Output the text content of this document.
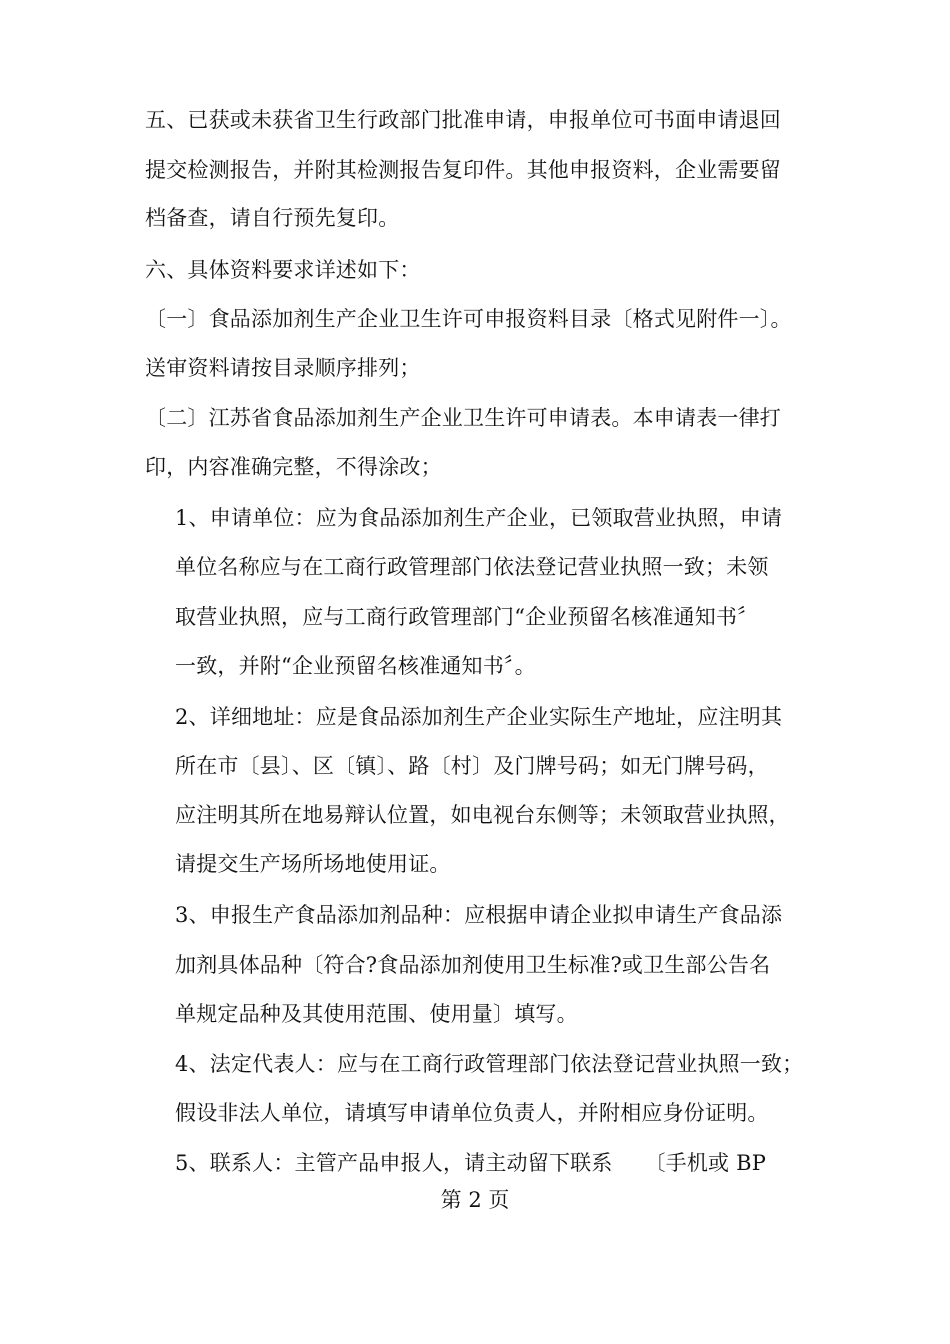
五、已获或未获省卫生行政部门批准申请，申报单位可书面申请退回
提交检测报告，并附其检测报告复印件。其他申报资料，企业需要留
档备查，请自行预先复印。
六、具体资料要求详述如下：
〔一〕食品添加剂生产企业卫生许可申报资料目录〔格式见附件一〕。
送审资料请按目录顺序排列；
〔二〕江苏省食品添加剂生产企业卫生许可申请表。本申请表一律打
印，内容准确完整，不得涂改；
1、申请单位：应为食品添加剂生产企业，已领取营业执照，申请
单位名称应与在工商行政管理部门依法登记营业执照一致；未领
取营业执照，应与工商行政管理部门“企业预留名核准通知书〞
一致，并附“企业预留名核准通知书〞。
2、详细地址：应是食品添加剂生产企业实际生产地址，应注明其
所在市〔县〕、区〔镇〕、路〔村〕及门牌号码；如无门牌号码，
应注明其所在地易辩认位置，如电视台东侧等；未领取营业执照，
请提交生产场所场地使用证。
3、申报生产食品添加剂品种：应根据申请企业拟申请生产食品添
加剂具体品种〔符合?食品添加剂使用卫生标准?或卫生部公告名
单规定品种及其使用范围、使用量〕填写。
4、法定代表人：应与在工商行政管理部门依法登记营业执照一致；
假设非法人单位，请填写申请单位负责人，并附相应身份证明。
5、联系人：主管产品申报人，请主动留下联系　　〔手机或 BP
第 2 页
